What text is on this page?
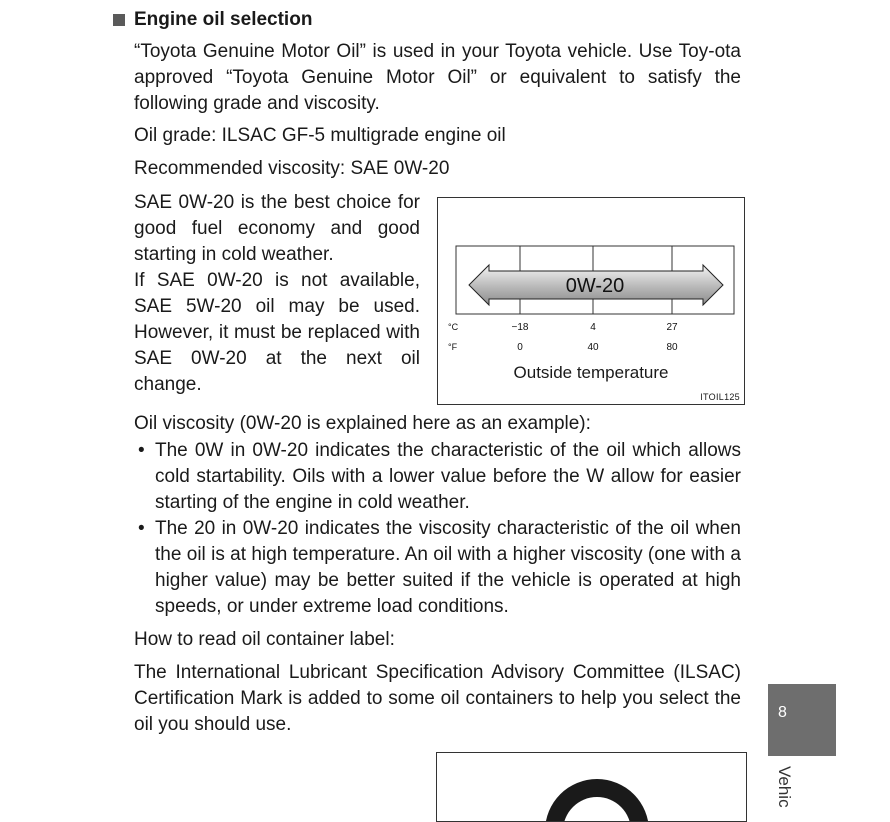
Engine oil selection
“Toyota Genuine Motor Oil” is used in your Toyota vehicle. Use Toy-ota approved “Toyota Genuine Motor Oil” or equivalent to satisfy the following grade and viscosity.
Oil grade: ILSAC GF-5 multigrade engine oil
Recommended viscosity: SAE 0W-20

SAE 0W-20 is the best choice for good fuel economy and good starting in cold weather.

If SAE 0W-20 is not available, SAE 5W-20 oil may be used. However, it must be replaced with SAE 0W-20 at the next oil change.

0W-20
°C	−18	4	27
°F	0	40	80
Outside temperature
ITOIL125
Oil viscosity (0W-20 is explained here as an example):
• The 0W in 0W-20 indicates the characteristic of the oil which allows cold startability. Oils with a lower value before the W allow for easier starting of the engine in cold weather.
• The 20 in 0W-20 indicates the viscosity characteristic of the oil when the oil is at high temperature. An oil with a higher viscosity (one with a higher value) may be better suited if the vehicle is operated at high speeds, or under extreme load conditions.
How to read oil container label:
The International Lubricant Specification Advisory Committee (ILSAC) Certification Mark is added to some oil containers to help you select the oil you should use.
PETROLEU
8
Vehic
